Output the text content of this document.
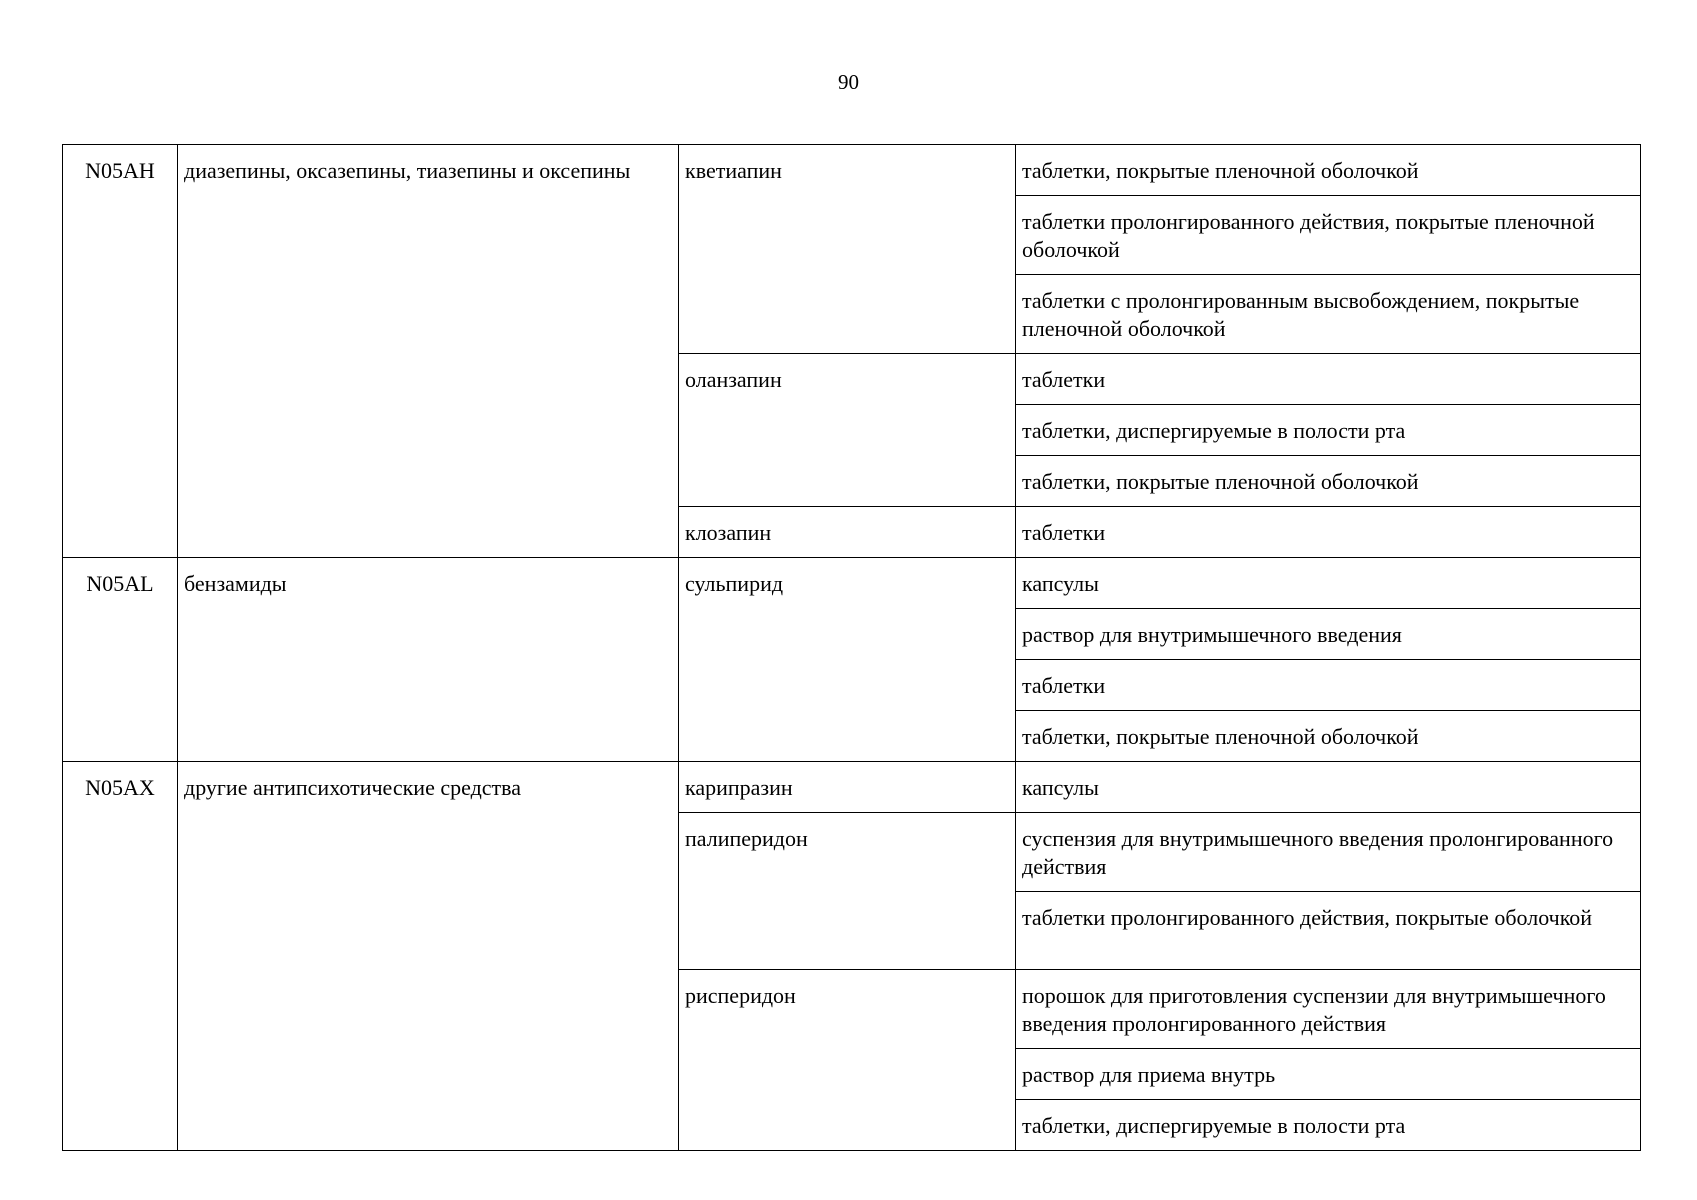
90
N05AH	диазепины, оксазепины, тиазепины и оксепины	кветиапин	таблетки, покрытые пленочной оболочкой
			таблетки пролонгированного действия, покрытые пленочной оболочкой
			таблетки с пролонгированным высвобождением, покрытые пленочной оболочкой
		оланзапин	таблетки
			таблетки, диспергируемые в полости рта
			таблетки, покрытые пленочной оболочкой
		клозапин	таблетки
N05AL	бензамиды	сульпирид	капсулы
			раствор для внутримышечного введения
			таблетки
			таблетки, покрытые пленочной оболочкой
N05AX	другие антипсихотические средства	карипразин	капсулы
		палиперидон	суспензия для внутримышечного введения пролонгированного действия
			таблетки пролонгированного действия, покрытые оболочкой
		рисперидон	порошок для приготовления суспензии для внутримышечного введения пролонгированного действия
			раствор для приема внутрь
			таблетки, диспергируемые в полости рта
